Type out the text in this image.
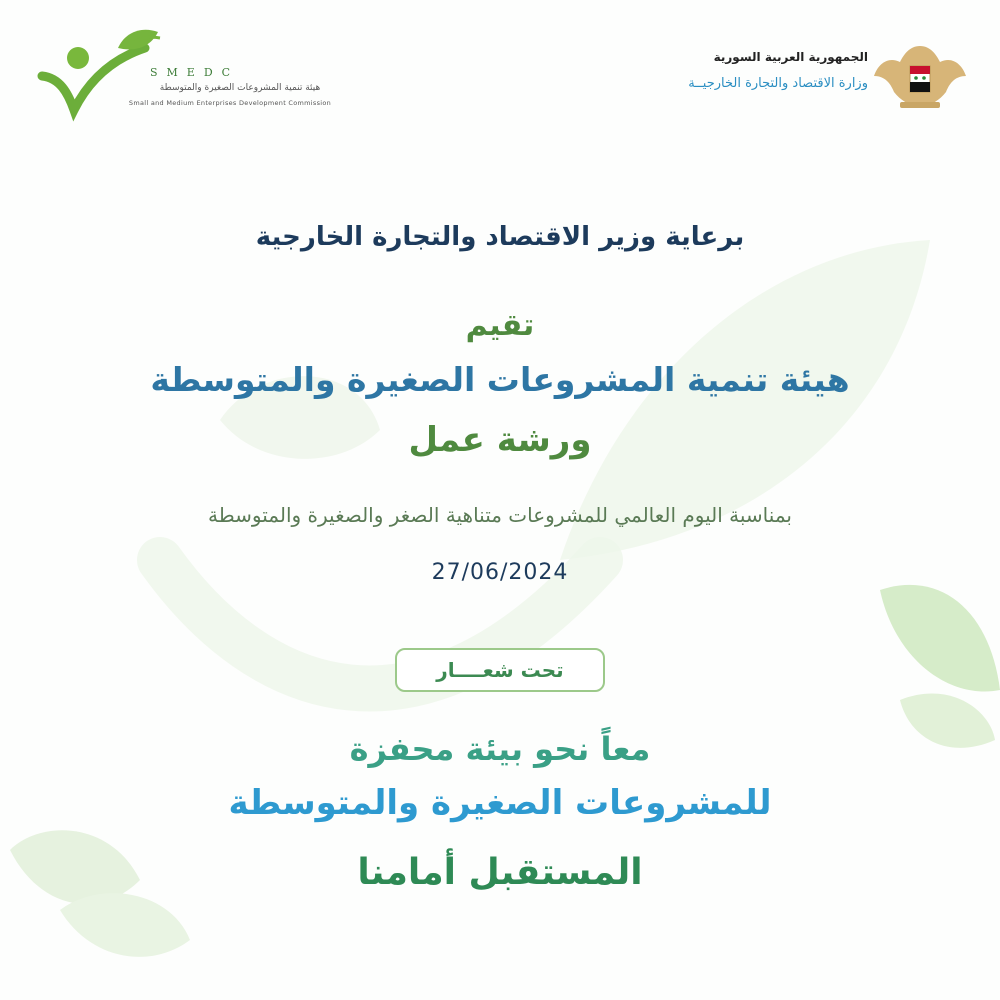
SMEDC
هيئة تنمية المشروعات الصغيرة والمتوسطة
Small and Medium Enterprises Development Commission
الجمهورية العربية السورية
وزارة الاقتصاد والتجارة الخارجيــة
برعاية وزير الاقتصاد والتجارة الخارجية
تقيم
هيئة تنمية المشروعات الصغيرة والمتوسطة
ورشة عمل
بمناسبة اليوم العالمي للمشروعات متناهية الصغر والصغيرة والمتوسطة
27/06/2024
تحت شعــــار
معاً نحو بيئة محفزة
للمشروعات الصغيرة والمتوسطة
المستقبل أمامنا
